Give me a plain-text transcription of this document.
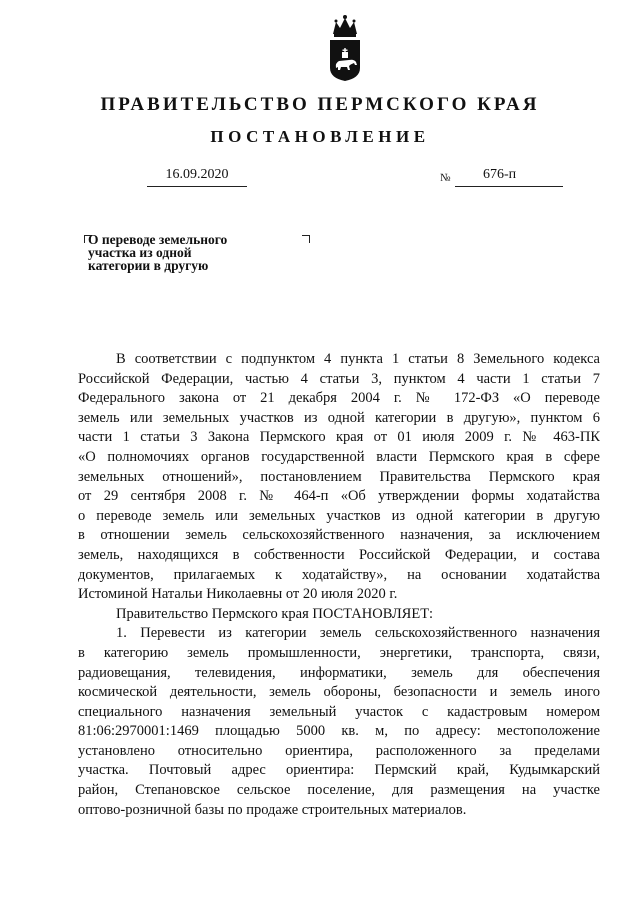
ПРАВИТЕЛЬСТВО ПЕРМСКОГО КРАЯ
ПОСТАНОВЛЕНИЕ
16.09.2020	№ 676-п
О переводе земельного
участка из одной
категории в другую
В соответствии с подпунктом 4 пункта 1 статьи 8 Земельного кодекса
Российской Федерации, частью 4 статьи 3, пунктом 4 части 1 статьи 7
Федерального закона от 21 декабря 2004 г. № 172-ФЗ «О переводе
земель или земельных участков из одной категории в другую», пунктом 6
части 1 статьи 3 Закона Пермского края от 01 июля 2009 г. № 463-ПК
«О полномочиях органов государственной власти Пермского края в сфере
земельных отношений», постановлением Правительства Пермского края
от 29 сентября 2008 г. № 464-п «Об утверждении формы ходатайства
о переводе земель или земельных участков из одной категории в другую
в отношении земель сельскохозяйственного назначения, за исключением
земель, находящихся в собственности Российской Федерации, и состава
документов, прилагаемых к ходатайству», на основании ходатайства
Истоминой Натальи Николаевны от 20 июля 2020 г.
Правительство Пермского края ПОСТАНОВЛЯЕТ:
1. Перевести из категории земель сельскохозяйственного назначения
в категорию земель промышленности, энергетики, транспорта, связи,
радиовещания, телевидения, информатики, земель для обеспечения
космической деятельности, земель обороны, безопасности и земель иного
специального назначения земельный участок с кадастровым номером
81:06:2970001:1469 площадью 5000 кв. м, по адресу: местоположение
установлено относительно ориентира, расположенного за пределами
участка. Почтовый адрес ориентира: Пермский край, Кудымкарский
район, Степановское сельское поселение, для размещения на участке
оптово-розничной базы по продаже строительных материалов.
